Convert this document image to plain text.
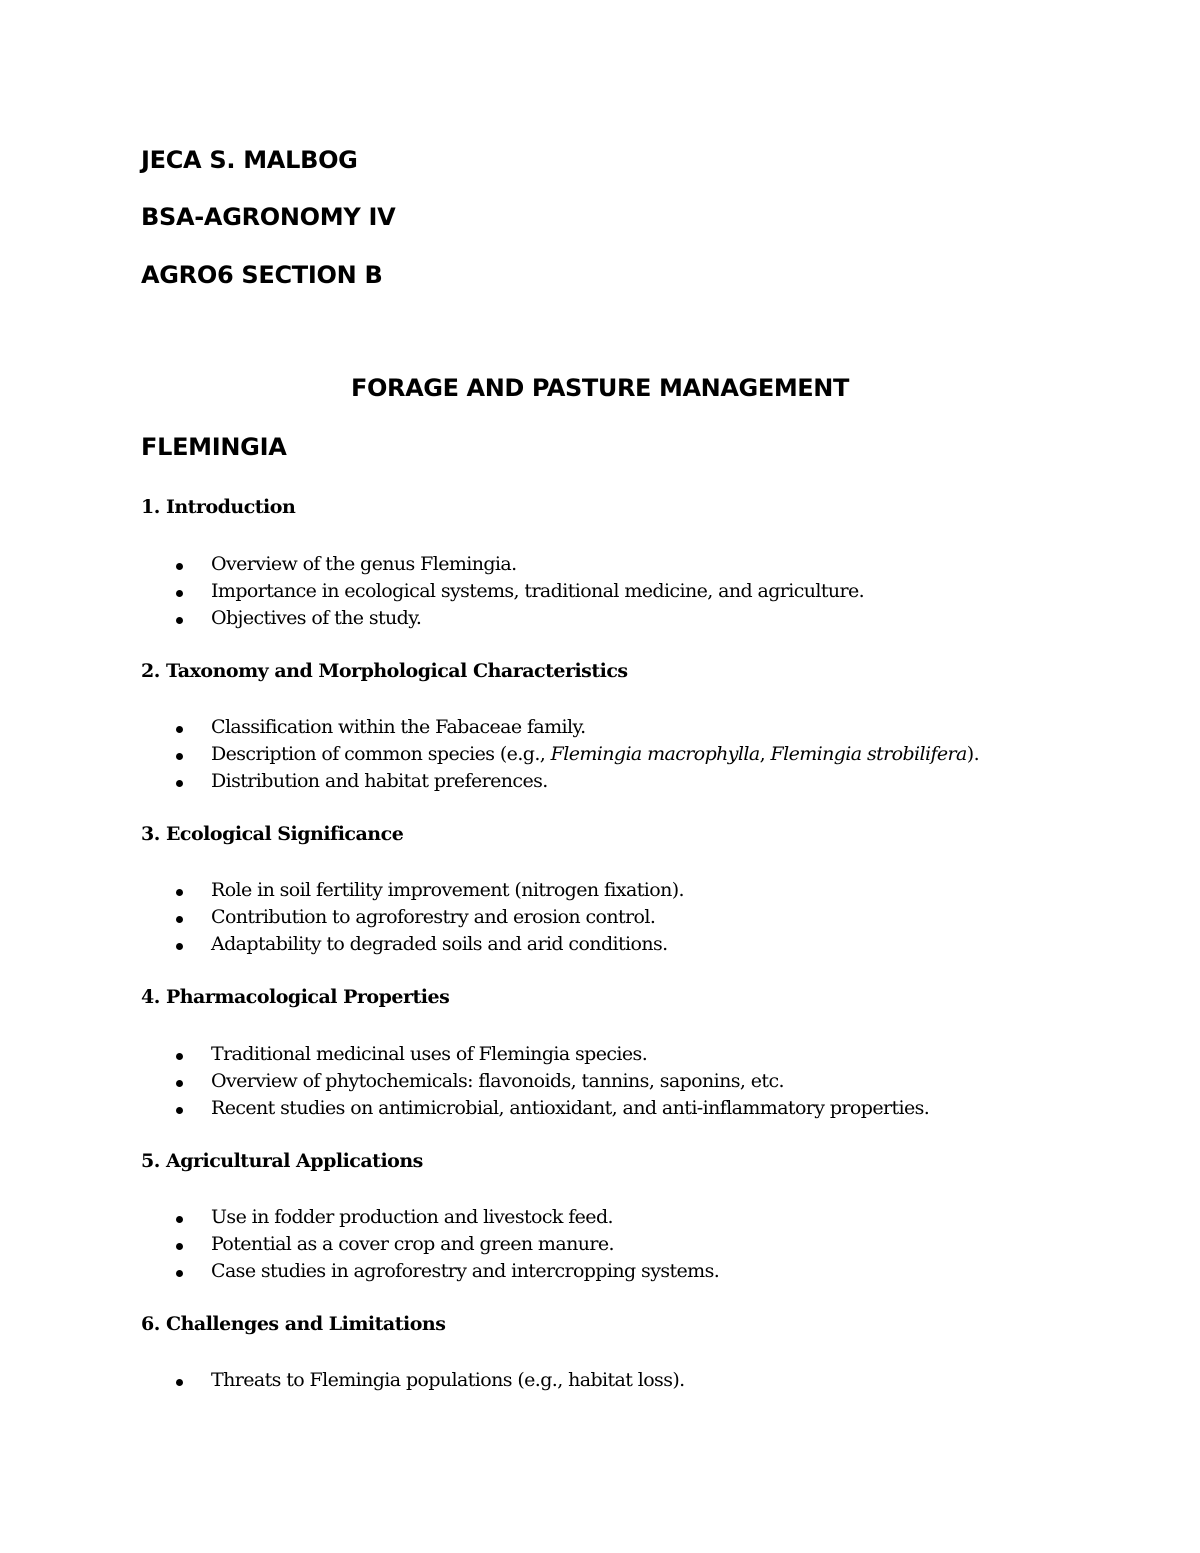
JECA S. MALBOG
BSA-AGRONOMY IV
AGRO6 SECTION B
FORAGE AND PASTURE MANAGEMENT
FLEMINGIA
1. Introduction
Overview of the genus Flemingia.
Importance in ecological systems, traditional medicine, and agriculture.
Objectives of the study.
2. Taxonomy and Morphological Characteristics
Classification within the Fabaceae family.
Description of common species (e.g., Flemingia macrophylla, Flemingia strobilifera).
Distribution and habitat preferences.
3. Ecological Significance
Role in soil fertility improvement (nitrogen fixation).
Contribution to agroforestry and erosion control.
Adaptability to degraded soils and arid conditions.
4. Pharmacological Properties
Traditional medicinal uses of Flemingia species.
Overview of phytochemicals: flavonoids, tannins, saponins, etc.
Recent studies on antimicrobial, antioxidant, and anti-inflammatory properties.
5. Agricultural Applications
Use in fodder production and livestock feed.
Potential as a cover crop and green manure.
Case studies in agroforestry and intercropping systems.
6. Challenges and Limitations
Threats to Flemingia populations (e.g., habitat loss).
